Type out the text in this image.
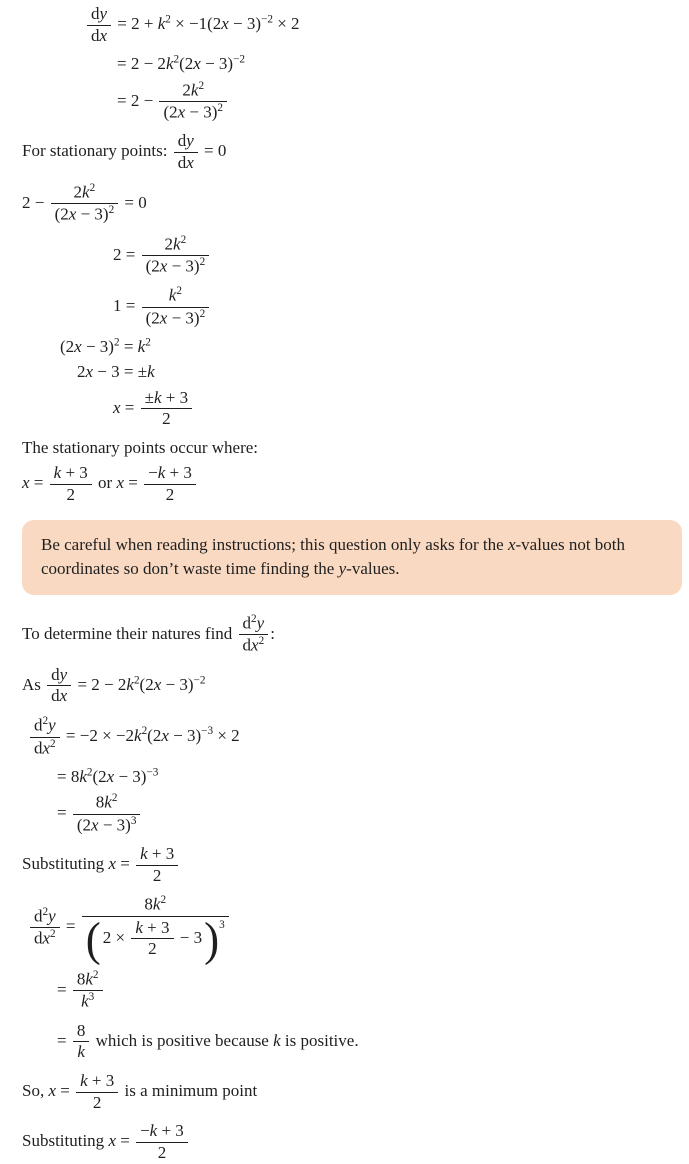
$\frac{dy}{dx} = 2 + k^2 \times -1(2x - 3)^{-2} \times 2$
= $2 - 2k^2(2x - 3)^{-2}$
= $2 - \frac{2k^2}{(2x - 3)^2}$
For stationary points: $\frac{dy}{dx} = 0$
$2 - \frac{2k^2}{(2x - 3)^2} = 0$
$2 = \frac{2k^2}{(2x - 3)^2}$
$1 = \frac{k^2}{(2x - 3)^2}$
$(2x - 3)^2 = k^2$
2x − 3 = ±k
$x = \frac{\pm k + 3}{2}$
The stationary points occur where:
$x = \frac{k + 3}{2}$ or $x = \frac{-k + 3}{2}$
Be careful when reading instructions; this question only asks for the x-values not both coordinates so don’t waste time finding the y-values.
To determine their natures find $\frac{d^2y}{dx^2}$ :
As $\frac{dy}{dx} = 2 - 2k^2(2x - 3)^{-2}$
$\frac{d^2y}{dx^2} = -2 \times -2k^2(2x - 3)^{-3} \times 2$
= $8k^2(2x - 3)^{-3}$
= $\frac{8k^2}{(2x - 3)^3}$
Substituting $x = \frac{k + 3}{2}$
$\frac{d^2y}{dx^2} = \frac{8k^2}{( 2 \times \frac{k + 3}{2} - 3 )^3}$
= $\frac{8k^2}{k^3}$
= $\frac{8}{k}$ which is positive because k is positive.
So, $x = \frac{k + 3}{2}$ is a minimum point
Substituting $x = \frac{-k + 3}{2}$
